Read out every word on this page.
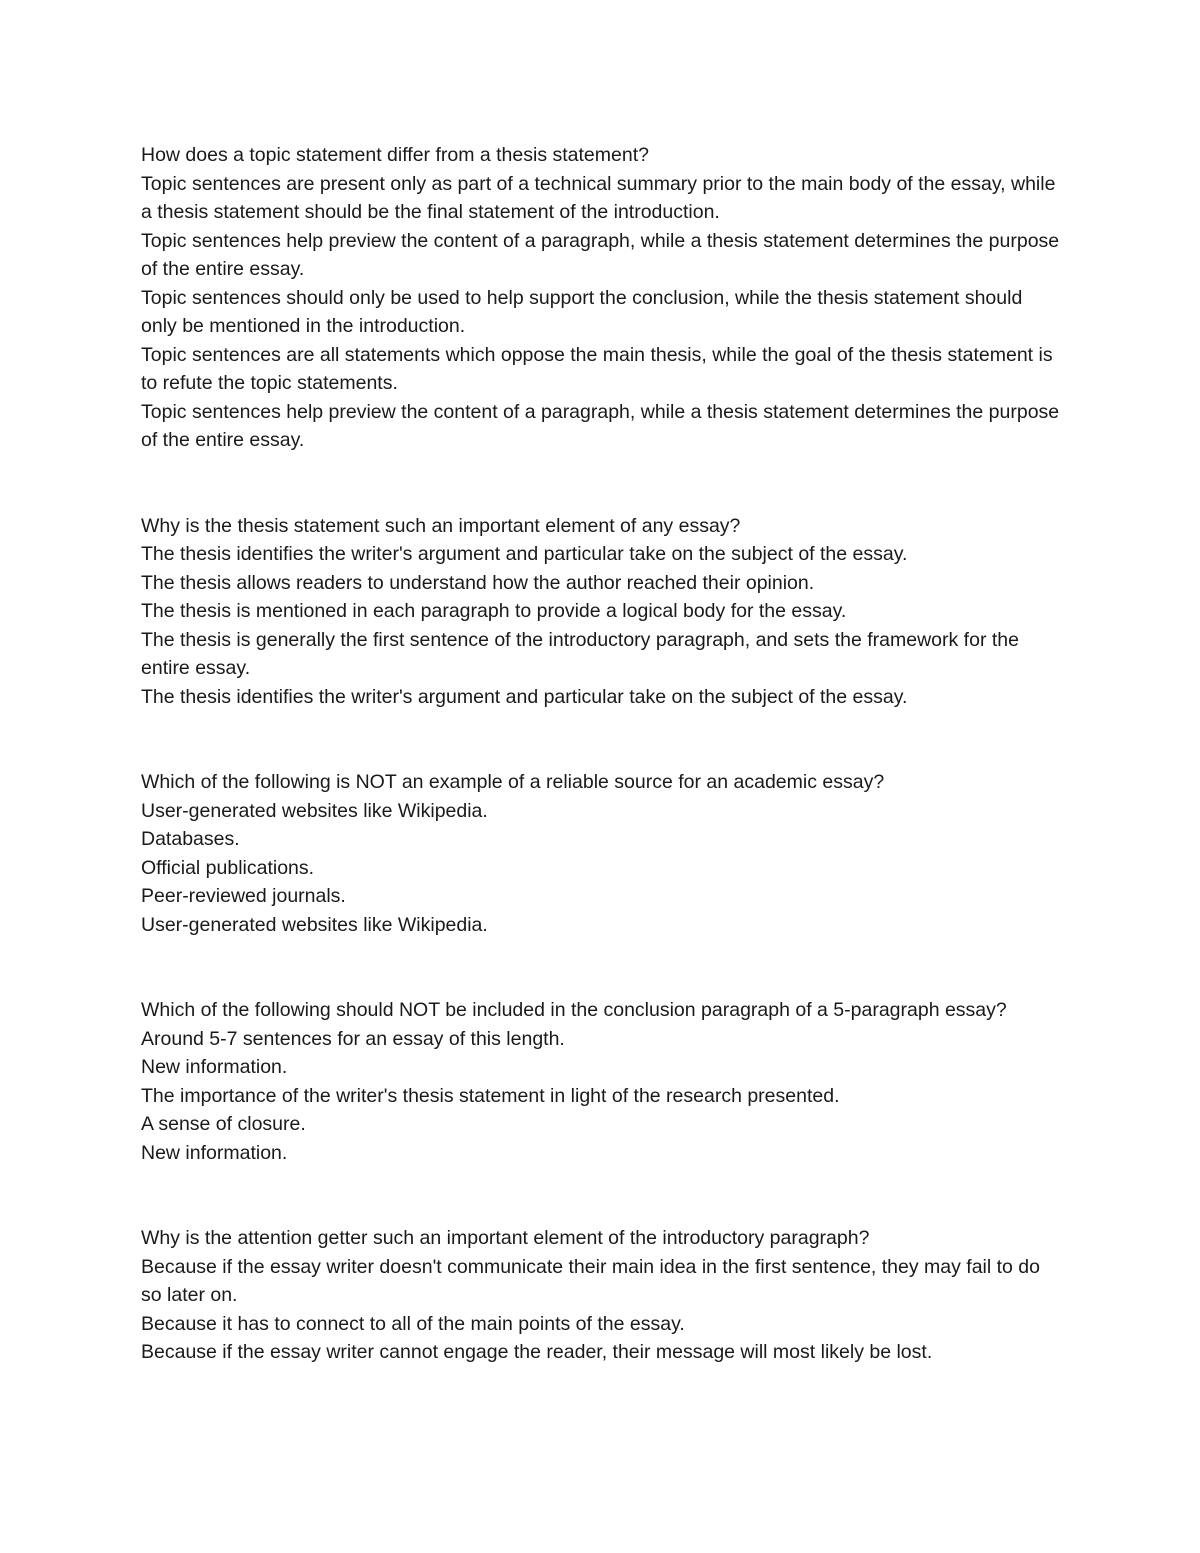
How does a topic statement differ from a thesis statement?

Topic sentences are present only as part of a technical summary prior to the main body of the essay, while a thesis statement should be the final statement of the introduction.

Topic sentences help preview the content of a paragraph, while a thesis statement determines the purpose of the entire essay.

Topic sentences should only be used to help support the conclusion, while the thesis statement should only be mentioned in the introduction.

Topic sentences are all statements which oppose the main thesis, while the goal of the thesis statement is to refute the topic statements.

Topic sentences help preview the content of a paragraph, while a thesis statement determines the purpose of the entire essay.

Why is the thesis statement such an important element of any essay?

The thesis identifies the writer's argument and particular take on the subject of the essay.

The thesis allows readers to understand how the author reached their opinion.

The thesis is mentioned in each paragraph to provide a logical body for the essay.

The thesis is generally the first sentence of the introductory paragraph, and sets the framework for the entire essay.

The thesis identifies the writer's argument and particular take on the subject of the essay.

Which of the following is NOT an example of a reliable source for an academic essay?

User-generated websites like Wikipedia.

Databases.

Official publications.

Peer-reviewed journals.

User-generated websites like Wikipedia.

Which of the following should NOT be included in the conclusion paragraph of a 5-paragraph essay?

Around 5-7 sentences for an essay of this length.

New information.

The importance of the writer's thesis statement in light of the research presented.

A sense of closure.

New information.

Why is the attention getter such an important element of the introductory paragraph?

Because if the essay writer doesn't communicate their main idea in the first sentence, they may fail to do so later on.

Because it has to connect to all of the main points of the essay.

Because if the essay writer cannot engage the reader, their message will most likely be lost.
